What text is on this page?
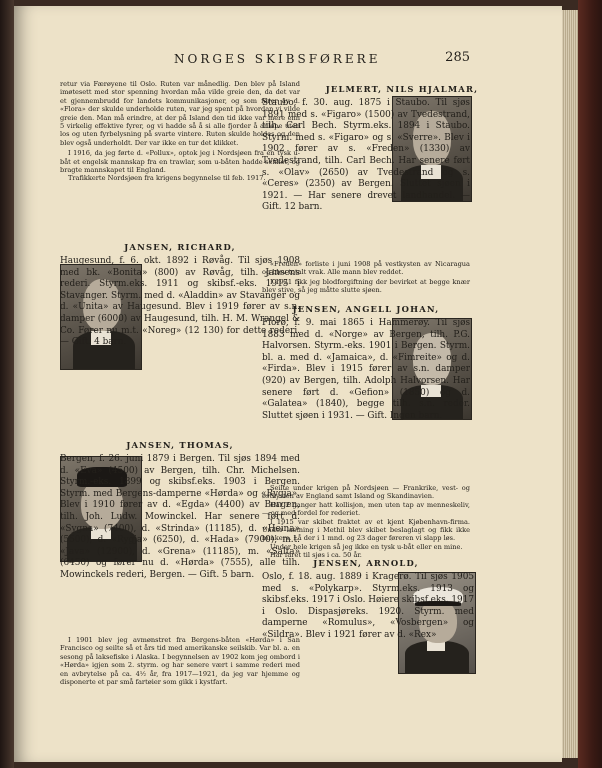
NORGES SKIBSFØRERE	285

retur via Færøyene til Oslo. Ruten var månedlig. Den blev på Island imøtesett med stor spenning hvordan måa vilde greie den, da det var et gjennembrudd for landets kommunikasjoner, og som fører av d. «Flora» der skulde underholde ruten, var jeg spent på hvordan vi vilde greie den. Man må erindre, at der på Island den tid ikke var mere enn 5 virkelig effektive fyrer, og vi hadde så å si alle fjorder å anløpe uten los og uten fyrbelysning på svarte vintere. Ruten skulde holdes og den blev også underholdt. Der var ikke en tur det klikket.

I 1916, da jeg førte d. «Pollux», optok jeg i Nordsjøen fra en tysk u-båt et engelsk mannskap fra en trawlar, som u-båten hadde senket, og bragte mannskapet til England.

Trafikkerte Nordsjøen fra krigens begynnelse til feb. 1917.

JANSEN, RICHARD,

Haugesund, f. 6. okt. 1892 i Røvåg. Til sjøs 1908 med bk. «Bonita» (800) av Røvåg, tilh. Jansens rederi. Styrm.eks. 1911 og skibsf.-eks. 1915 i Stavanger. Styrm. med d. «Aladdin» av Stavanger og d. «Unita» av Haugesund. Blev i 1919 fører av s.n. damper (6000) av Haugesund, tilh. H. M. Wrangel & Co. Fører nu m.t. «Noreg» (12 130) for dette rederi. — Gift. 4 barn.

JANSEN, THOMAS,

Bergen, f. 26. juni 1879 i Bergen. Til sjøs 1894 med d. «Eva» (4500) av Bergen, tilh. Chr. Michelsen. Styrm.-eks. 1899 og skibsf.eks. 1903 i Bergen. Styrm. med Bergens-damperne «Hørda» og «Rygja». Blev i 1910 fører av d. «Egda» (4400) av Bergen, tilh. Joh. Ludw. Mowinckel. Har senere ført d. «Sygna» (7400), d. «Strinda» (11185), d. «Heina» (5500), d. «Rygja» (6250), d. «Hada» (7900), m.t. «Java» (12900), d. «Grena» (11185), m. «Salta» (6450) og fører nu d. «Hørda» (7555), alle tilh. Mowinckels rederi, Bergen. — Gift. 5 barn.

I 1901 blev jeg avmønstret fra Bergens-båten «Hørda» i San Francisco og seilte så et års tid med amerikanske seilskib. Var bl. a. en sesong på laksefiske i Alaska. I begynnelsen av 1902 kom jeg ombord i «Hørda» igjen som 2. styrm. og har senere vært i samme rederi med en avbrytelse på ca. 4½ år, fra 1917—1921, da jeg var hjemme og disponerte et par små fartøier som gikk i kystfart.

JELMERT, NILS HJALMAR,

Staubo, f. 30. aug. 1875 i Staubo. Til sjøs 1891 med s. «Figaro» (1500) av Tvedestrand, tilh. Carl Bech. Styrm.eks. 1894 i Staubo. Styrm. med s. «Figaro» og s. «Sverre». Blev i 1902 fører av s. «Freden» (1330) av Tvedestrand, tilh. Carl Bech. Har senere ført s. «Olav» (2650) av Tvedestrand og s. «Ceres» (2350) av Bergen. Sluttet sjøen i 1921. — Har senere drevet landhandel. — Gift. 12 barn.

«Freden» forliste i juni 1908 på vestkysten av Nicaragua og blev totalt vrak. Alle mann blev reddet.

I 1921 fikk jeg blodforgiftning der bevirket at begge knær blev stive, så jeg måtte slutte sjøen.

JENSEN, ANGELL JOHAN,

Florø, f. 9. mai 1865 i Hammerøy. Til sjøs 1883 med d. «Norge» av Bergen, tilh. P.G. Halvorsen. Styrm.-eks. 1901 i Bergen. Styrm. bl. a. med d. «Jamaica», d. «Fimreite» og d. «Firda». Blev i 1915 fører av s.n. damper (920) av Bergen, tilh. Adolph Halvorsen. Har senere ført d. «Gefion» (1850) og d. «Galatea» (1840), begge tilh. s.n. reder. Sluttet sjøen i 1931. — Gift. Ingen barn.

Seilte under krigen på Nordsjøen — Frankrike, vest- og østkysten av England samt Island og Skandinavien.

Har 2 ganger hatt kollisjon, men uten tap av menneskeliv, — og med fordel for rederiet.

I 1915 var skibet fraktet av et kjent Kjøbenhavn-firma. Under lastning i Methil blev skibet beslaglagt og fikk ikke bunkers. Lå der i 1 mnd. og 23 dager føreren vi slapp løs.

Under hele krigen så jeg ikke en tysk u-båt eller en mine.

Har faret til sjøs i ca. 50 år.

JENSEN, ARNOLD,

Oslo, f. 18. aug. 1889 i Kragerø. Til sjøs 1905 med s. «Polykarp». Styrm.eks. 1913 og skibsf.eks. 1917 i Oslo. Høiere skibsf.eks. 1917 i Oslo. Dispasjøreks. 1920. Styrm. med damperne «Romulus», «Vosbergen» og «Sildra». Blev i 1921 fører av d. «Rex»
